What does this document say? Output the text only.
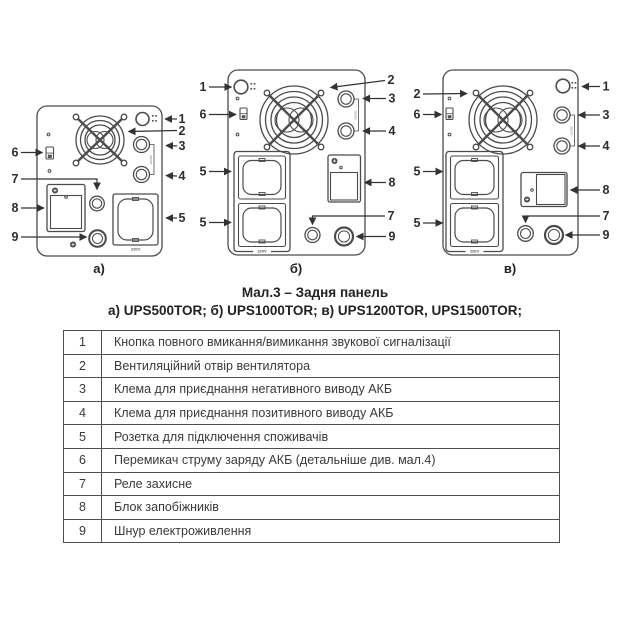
36VDC
220V
1
2
3
4
5
6
7
8
9
36VDC
220V
1
6
5
5
2
3
4
8
7
9
36VDC
220V
2
6
5
5
1
3
4
8
7
9
а)	б)	в)
Мал.3 – Задня панель
а) UPS500TOR; б) UPS1000TOR; в) UPS1200TOR, UPS1500TOR;
1	Кнопка повного вмикання/вимикання звукової сигналізації
2	Вентиляційний отвір вентилятора
3	Клема для приєднання негативного виводу АКБ
4	Клема для приєднання позитивного виводу АКБ
5	Розетка для підключення споживачів
6	Перемикач струму заряду АКБ (детальніше див. мал.4)
7	Реле захисне
8	Блок запобіжників
9	Шнур електроживлення
